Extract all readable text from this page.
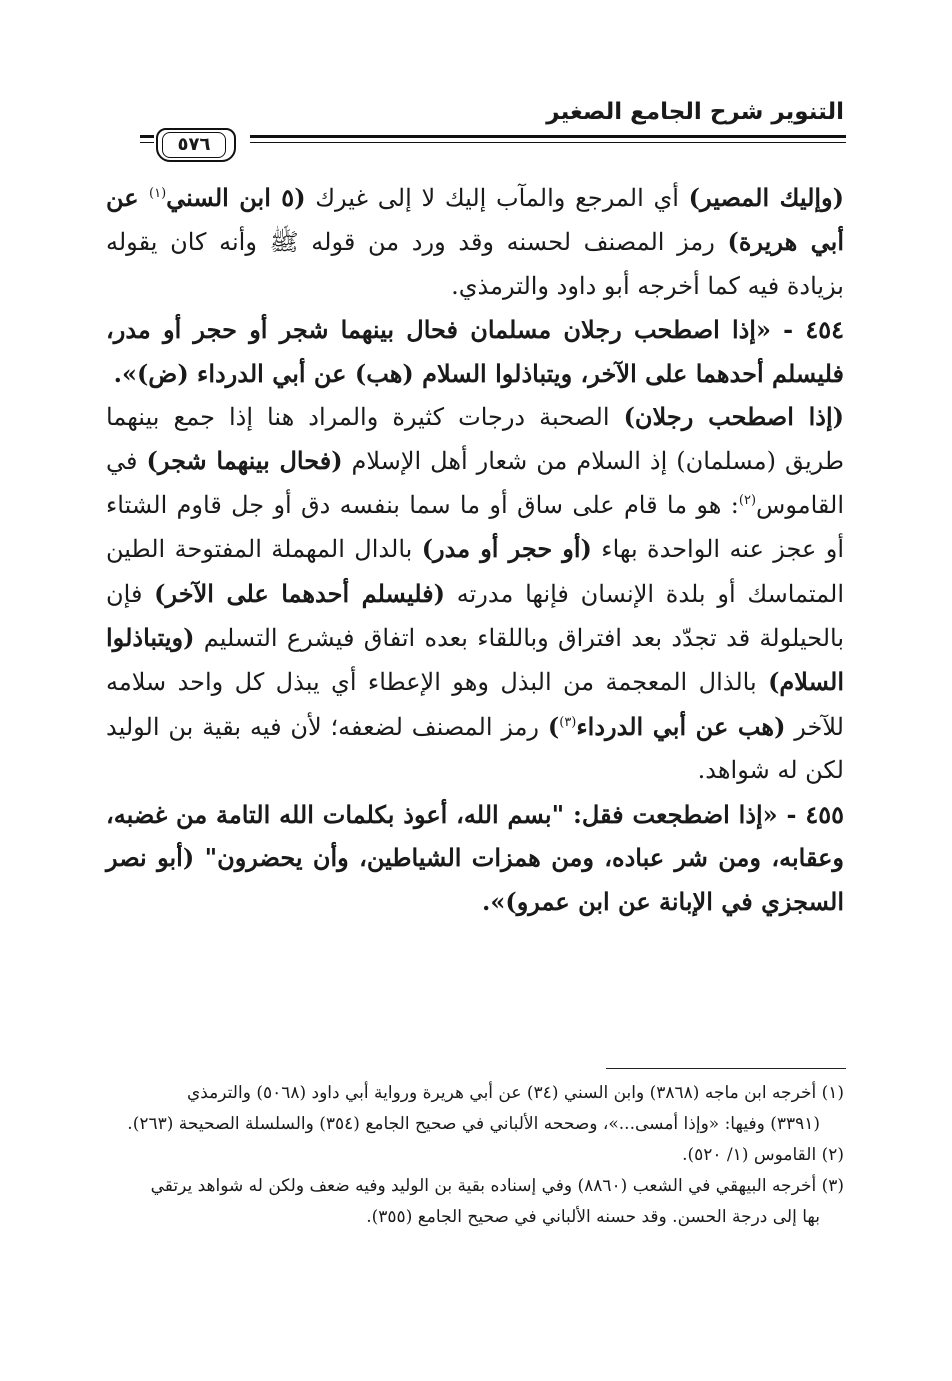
التنوير شرح الجامع الصغير
٥٧٦

(وإليك المصير) أي المرجع والمآب إليك لا إلى غيرك (٥ ابن السني$^{(١)}$ عن أبي هريرة) رمز المصنف لحسنه وقد ورد من قوله ﷺ وأنه كان يقوله بزيادة فيه كما أخرجه أبو داود والترمذي.

٤٥٤ - «إذا اصطحب رجلان مسلمان فحال بينهما شجر أو حجر أو مدر، فليسلم أحدهما على الآخر، ويتباذلوا السلام (هب) عن أبي الدرداء (ض)».

(إذا اصطحب رجلان) الصحبة درجات كثيرة والمراد هنا إذا جمع بينهما طريق (مسلمان) إذ السلام من شعار أهل الإسلام (فحال بينهما شجر) في القاموس$^{(٢)}$: هو ما قام على ساق أو ما سما بنفسه دق أو جل قاوم الشتاء أو عجز عنه الواحدة بهاء (أو حجر أو مدر) بالدال المهملة المفتوحة الطين المتماسك أو بلدة الإنسان فإنها مدرته (فليسلم أحدهما على الآخر) فإن بالحيلولة قد تجدّد بعد افتراق وباللقاء بعده اتفاق فيشرع التسليم (ويتباذلوا السلام) بالذال المعجمة من البذل وهو الإعطاء أي يبذل كل واحد سلامه للآخر (هب عن أبي الدرداء$^{(٣)}$) رمز المصنف لضعفه؛ لأن فيه بقية بن الوليد لكن له شواهد.

٤٥٥ - «إذا اضطجعت فقل: "بسم الله، أعوذ بكلمات الله التامة من غضبه، وعقابه، ومن شر عباده، ومن همزات الشياطين، وأن يحضرون" (أبو نصر السجزي في الإبانة عن ابن عمرو)».

(١) أخرجه ابن ماجه (٣٨٦٨) وابن السني (٣٤) عن أبي هريرة ورواية أبي داود (٥٠٦٨) والترمذي
(٣٣٩١) وفيها: «وإذا أمسى...»، وصححه الألباني في صحيح الجامع (٣٥٤) والسلسلة الصحيحة (٢٦٣).

(٢) القاموس (١/ ٥٢٠).

(٣) أخرجه البيهقي في الشعب (٨٨٦٠) وفي إسناده بقية بن الوليد وفيه ضعف ولكن له شواهد يرتقي
بها إلى درجة الحسن. وقد حسنه الألباني في صحيح الجامع (٣٥٥).
